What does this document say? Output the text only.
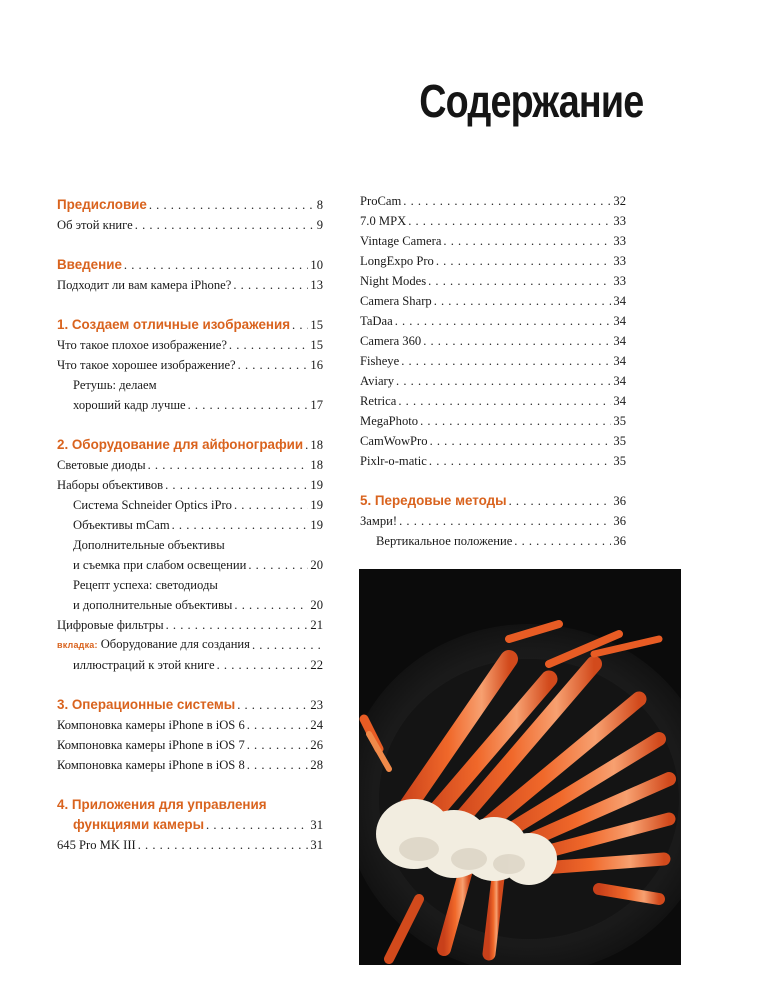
Содержание
Предисловие . . .	8
Об этой книге . . .	9
Введение . . .	10
Подходит ли вам камера iPhone? . . .	13
1. Создаем отличные изображения . . . 15
Что такое плохое изображение? . . .	15
Что такое хорошее изображение? . . .	16
Ретушь: делаем
хороший кадр лучше . . .	17
2. Оборудование для айфонографии . . . 18
Световые диоды . . .	18
Наборы объективов . . .	19
Система Schneider Optics iPro . . .	19
Объективы mCam . . .	19
Дополнительные объективы
и съемка при слабом освещении . . .	20
Рецепт успеха: светодиоды
и дополнительные объективы . . .	20
Цифровые фильтры . . .	21
вкладка: Оборудование для создания
. . .
иллюстраций к этой книге . . .	22
3. Операционные системы . . .	23
Компоновка камеры iPhone в iOS 6 . . .	24
Компоновка камеры iPhone в iOS 7 . . .	26
Компоновка камеры iPhone в iOS 8 . . .	28
4. Приложения для управления
функциями камеры . . .	31
645 Pro MK III . . .	31
ProCam . . .	32
7.0 MPX . . .	33
Vintage Camera . . .	33
LongExpo Pro . . .	33
Night Modes . . .	33
Camera Sharp . . .	34
TaDaa . . .	34
Camera 360 . . .	34
Fisheye . . .	34
Aviary . . .	34
Retrica . . .	34
MegaPhoto . . .	35
CamWowPro . . .	35
Pixlr-o-matic . . .	35
5. Передовые методы . . .	36
Замри! . . .	36
Вертикальное положение . . .	36
